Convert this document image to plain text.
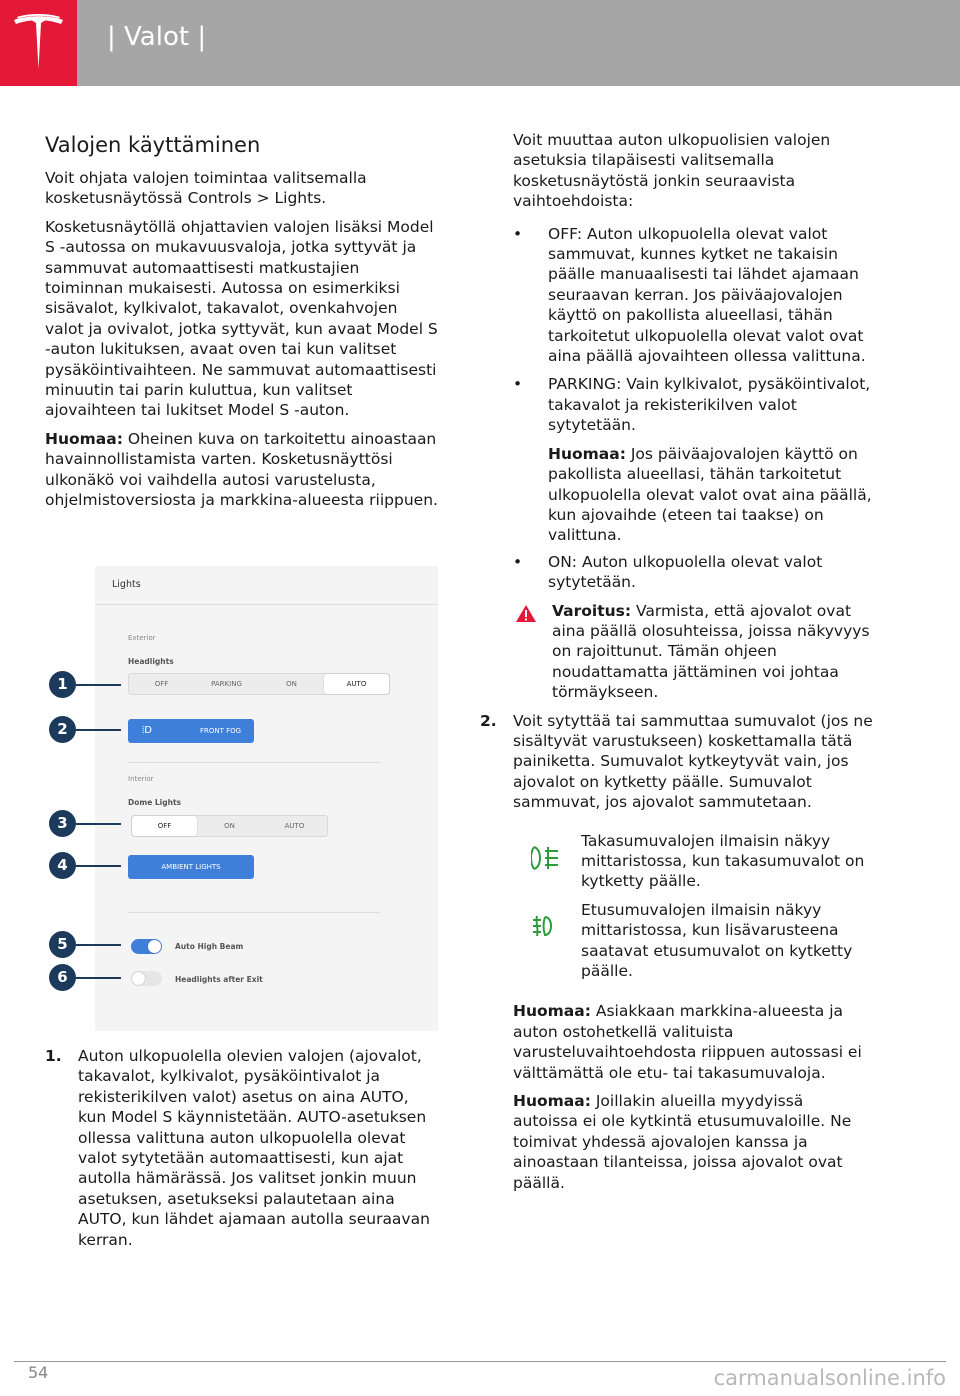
| Valot |
Valojen käyttäminen

Voit ohjata valojen toimintaa valitsemalla kosketusnäytössä Controls > Lights.

Kosketusnäytöllä ohjattavien valojen lisäksi Model S -autossa on mukavuusvaloja, jotka syttyvät ja sammuvat automaattisesti matkustajien toiminnan mukaisesti. Autossa on esimerkiksi sisävalot, kylkivalot, takavalot, ovenkahvojen valot ja ovivalot, jotka syttyvät, kun avaat Model S -auton lukituksen, avaat oven tai kun valitset pysäköintivaihteen. Ne sammuvat automaattisesti minuutin tai parin kuluttua, kun valitset ajovaihteen tai lukitset Model S -auton.

Huomaa: Oheinen kuva on tarkoitettu ainoastaan havainnollistamista varten. Kosketusnäyttösi ulkonäkö voi vaihdella autosi varustelusta, ohjelmistoversiosta ja markkina-alueesta riippuen.

Lights
Exterior
Headlights
OFF	PARKING	ON	AUTO
⦙D	FRONT FOG
Interior
Dome Lights
OFF	ON	AUTO
AMBIENT LIGHTS
Auto High Beam
Headlights after Exit
1
2
3
4
5
6
1. Auton ulkopuolella olevien valojen (ajovalot, takavalot, kylkivalot, pysäköintivalot ja rekisterikilven valot) asetus on aina AUTO, kun Model S käynnistetään. AUTO-asetuksen ollessa valittuna auton ulkopuolella olevat valot sytytetään automaattisesti, kun ajat autolla hämärässä. Jos valitset jonkin muun asetuksen, asetukseksi palautetaan aina AUTO, kun lähdet ajamaan autolla seuraavan kerran.

Voit muuttaa auton ulkopuolisien valojen asetuksia tilapäisesti valitsemalla kosketusnäytöstä jonkin seuraavista vaihtoehdoista:

• OFF: Auton ulkopuolella olevat valot sammuvat, kunnes kytket ne takaisin päälle manuaalisesti tai lähdet ajamaan seuraavan kerran. Jos päiväajovalojen käyttö on pakollista alueellasi, tähän tarkoitetut ulkopuolella olevat valot ovat aina päällä ajovaihteen ollessa valittuna.
• PARKING: Vain kylkivalot, pysäköintivalot, takavalot ja rekisterikilven valot sytytetään.
Huomaa: Jos päiväajovalojen käyttö on pakollista alueellasi, tähän tarkoitetut ulkopuolella olevat valot ovat aina päällä, kun ajovaihde (eteen tai taakse) on valittuna.
• ON: Auton ulkopuolella olevat valot sytytetään.
Varoitus: Varmista, että ajovalot ovat aina päällä olosuhteissa, joissa näkyvyys on rajoittunut. Tämän ohjeen noudattamatta jättäminen voi johtaa törmäykseen.
2. Voit sytyttää tai sammuttaa sumuvalot (jos ne sisältyvät varustukseen) koskettamalla tätä painiketta. Sumuvalot kytkeytyvät vain, jos ajovalot on kytketty päälle. Sumuvalot sammuvat, jos ajovalot sammutetaan.
Takasumuvalojen ilmaisin näkyy mittaristossa, kun takasumuvalot on kytketty päälle.
Etusumuvalojen ilmaisin näkyy mittaristossa, kun lisävarusteena saatavat etusumuvalot on kytketty päälle.

Huomaa: Asiakkaan markkina-alueesta ja auton ostohetkellä valituista varusteluvaihtoehdosta riippuen autossasi ei välttämättä ole etu- tai takasumuvaloja.

Huomaa: Joillakin alueilla myydyissä autoissa ei ole kytkintä etusumuvaloille. Ne toimivat yhdessä ajovalojen kanssa ja ainoastaan tilanteissa, joissa ajovalot ovat päällä.

54	carmanualsonline.info
